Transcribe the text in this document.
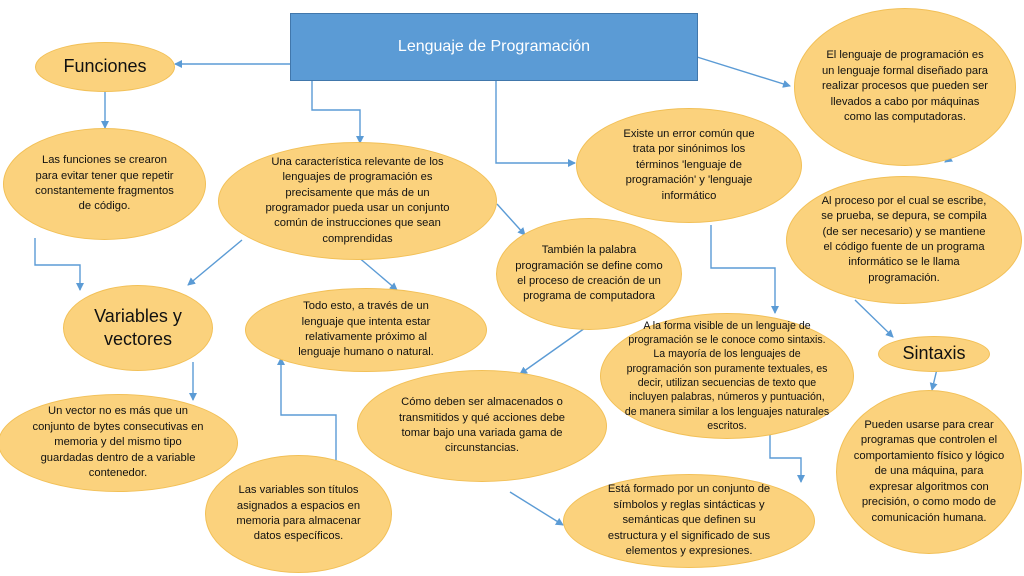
Lenguaje de Programación
Funciones
Las funciones se crearon para evitar tener que repetir constantemente fragmentos de código.
Variables y vectores
Un vector no es más que un conjunto de bytes consecutivas en memoria y del mismo tipo guardadas dentro de a variable contenedor.
Las variables son títulos asignados a espacios en memoria para almacenar datos específicos.
Una característica relevante de los lenguajes de programación es precisamente que más de un programador pueda usar un conjunto común de instrucciones que sean comprendidas
Todo esto, a través de un lenguaje que intenta estar relativamente próximo al lenguaje humano o natural.
Existe un error común que trata por sinónimos los términos 'lenguaje de programación' y 'lenguaje informático
También la palabra programación se define como el proceso de creación de un programa de computadora
Cómo deben ser almacenados o transmitidos y qué acciones debe tomar bajo una variada gama de circunstancias.
A la forma visible de un lenguaje de programación se le conoce como sintaxis. La mayoría de los lenguajes de programación son puramente textuales, es decir, utilizan secuencias de texto que incluyen palabras, números y puntuación, de manera similar a los lenguajes naturales escritos.
Está formado por un conjunto de símbolos y reglas sintácticas y semánticas que definen su estructura y el significado de sus elementos y expresiones.
El lenguaje de programación es un lenguaje formal diseñado para realizar procesos que pueden ser llevados a cabo por máquinas como las computadoras.
Al proceso por el cual se escribe, se prueba, se depura, se compila (de ser necesario) y se mantiene el código fuente de un programa informático se le llama programación.
Sintaxis
Pueden usarse para crear programas que controlen el comportamiento físico y lógico de una máquina, para expresar algoritmos con precisión, o como modo de comunicación humana.
